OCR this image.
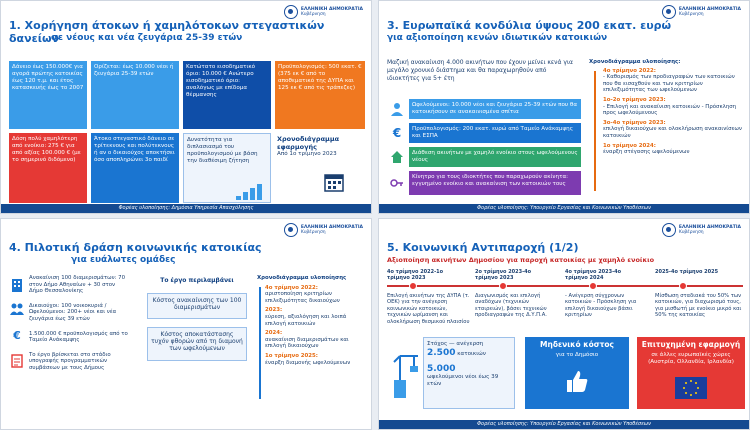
ΕΛΛΗΝΙΚΗ ΔΗΜΟΚΡΑΤΙΑ
Κυβέρνηση
1. Χορήγηση άτοκων ή χαμηλότοκων στεγαστικών δανείων
σε νέους και νέα ζευγάρια 25-39 ετών
Δάνειο έως 150.000€ για αγορά πρώτης κατοικίας έως 120 τ.μ. και έτος κατασκευής έως το 2007
Ορίζεται: έως 10.000 νέοι ή ζευγάρια 25-39 ετών
Κατώτατο εισοδηματικό όριο: 10.000 € Ανώτερο εισοδηματικό όριο: αναλόγως με επίδομα θέρμανσης
Προϋπολογισμός: 500 εκατ. € (375 εκ € από το αποθεματικό της ΔΥΠΑ και 125 εκ € από τις τράπεζες)
Δόση πολύ χαμηλότερη από ενοίκιο: 275 € για από αξίας 100.000 € (με το σημερινό διδόμενο)
Άτοκο στεγαστικό δάνειο σε τρίτεκνους και πολύτεκνους ή αν ο δικαιούχος αποκτήσει όσο αποπληρώνει 3ο παιδί
Δυνατότητα για διπλασιασμό του προϋπολογισμού με βάση την διαθέσιμη ζήτηση
Χρονοδιάγραμμα εφαρμογής
Από 1ο τρίμηνο 2023
Φορέας υλοποίησης: Δημόσια Υπηρεσία Απασχόλησης
ΕΛΛΗΝΙΚΗ ΔΗΜΟΚΡΑΤΙΑ
Κυβέρνηση
3. Ευρωπαϊκά κονδύλια ύψους 200 εκατ. ευρώ
για αξιοποίηση κενών ιδιωτικών κατοικιών
Μαζική ανακαίνιση 4.000 ακινήτων που έχουν μείνει κενά για μεγάλο χρονικό διάστημα και θα παραχωρηθούν από ιδιοκτήτες για 5+ έτη
Ωφελούμενοι: 10.000 νέοι και ζευγάρια 25-39 ετών που θα κατοικήσουν σε ανακαινισμένα σπίτια
Προϋπολογισμός: 200 εκατ. ευρώ από Ταμείο Ανάκαμψης και ΕΣΠΑ
Διάθεση ακινήτων με χαμηλό ενοίκιο στους ωφελούμενους νέους
Κίνητρο για τους ιδιοκτήτες που παραχωρούν ακίνητα: εγγυημένο ενοίκιο και ανακαίνιση των κατοικιών τους
€
Χρονοδιάγραμμα υλοποίησης:
4ο τρίμηνο 2022:
- Καθορισμός των προδιαγραφών των κατοικιών που θα εισαχθούν και των κριτηρίων επιλεξιμότητας των ωφελούμενων
1ο-2ο τρίμηνο 2023:
- Επιλογή και ανακαίνιση κατοικιών - Πρόσκληση προς ωφελούμενους
3ο-4ο τρίμηνο 2023:
επιλογή δικαιούχων και ολοκλήρωση ανακαινίσεων κατοικιών
1ο τρίμηνο 2024:
έναρξη στέγασης ωφελούμενων
Φορέας υλοποίησης: Υπουργείο Εργασίας και Κοινωνικών Υποθέσεων
ΕΛΛΗΝΙΚΗ ΔΗΜΟΚΡΑΤΙΑ
Κυβέρνηση
4. Πιλοτική δράση κοινωνικής κατοικίας
για ευάλωτες ομάδες
Ανακαίνιση 100 διαμερισμάτων: 70 στον Δήμο Αθηναίων + 30 στον Δήμο Θεσσαλονίκης
Δικαιούχοι: 100 νοικοκυριά / Ωφελούμενοι: 200+ νέοι και νέα ζευγάρια έως 39 ετών
1.500.000 € προϋπολογισμός από το Ταμείο Ανάκαμψης
Το έργο βρίσκεται στο στάδιο υπογραφής προγραμματικών συμβάσεων με τους Δήμους
€
Το έργο περιλαμβάνει
Κόστος ανακαίνισης των 100 διαμερισμάτων
Κόστος αποκατάστασης τυχόν φθορών από τη διαμονή των ωφελούμενων
Χρονοδιάγραμμα υλοποίησης
4ο τρίμηνο 2022:
αριστοποίηση κριτηρίων επιλεξιμότητας δικαιούχων
2023:
εύρεση, αξιολόγηση και λοιπά επιλογή κατοικιών
2024:
ανακαίνιση διαμερισμάτων και επιλογή δικαιούχων
1ο τρίμηνο 2025:
έναρξη διαμονής ωφελούμενων
ΕΛΛΗΝΙΚΗ ΔΗΜΟΚΡΑΤΙΑ
Κυβέρνηση
5. Κοινωνική Αντιπαροχή (1/2)
Αξιοποίηση ακινήτων Δημοσίου για παροχή κατοικίας με χαμηλό ενοίκιο
4ο τρίμηνο 2022-1ο τρίμηνο 2023
2ο τρίμηνο 2023-4ο τρίμηνο 2023
4ο τρίμηνο 2023-4ο τρίμηνο 2024
2025-4ο τρίμηνο 2025
Επιλογή ακινήτων της ΔΥΠΑ (τ. ΟΕΚ) για την ανέγερση κοινωνικών κατοικιών, τεχνικών ωρίμανση και ολοκλήρωση θεσμικού πλαισίου
Διαγωνισμός και επιλογή αναδόχων (τεχνικών εταιρειών), βάσει τεχνικών προδιαγραφών της Δ.Υ.Π.Α.
- Ανέγερση σύγχρονων κατοικιών - Πρόσκληση για επιλογή δικαιούχων βάσει κριτηρίων
Μίσθωση σταδιακά του 50% των κατοικιών, για διαχωρισμό τους, για μισθωτή με ενοίκιο μικρό και 50% της κατοικίας
Στόχος — ανέγερση
2.500 κατοικιών
5.000
ωφελούμενοι νέοι έως 39 ετών
Μηδενικό κόστος
για το Δημόσιο
Επιτυχημένη εφαρμογή
σε άλλες ευρωπαϊκές χώρες (Αυστρία, Ολλανδία, Ιρλανδία)
Φορέας υλοποίησης: Υπουργείο Εργασίας και Κοινωνικών Υποθέσεων
